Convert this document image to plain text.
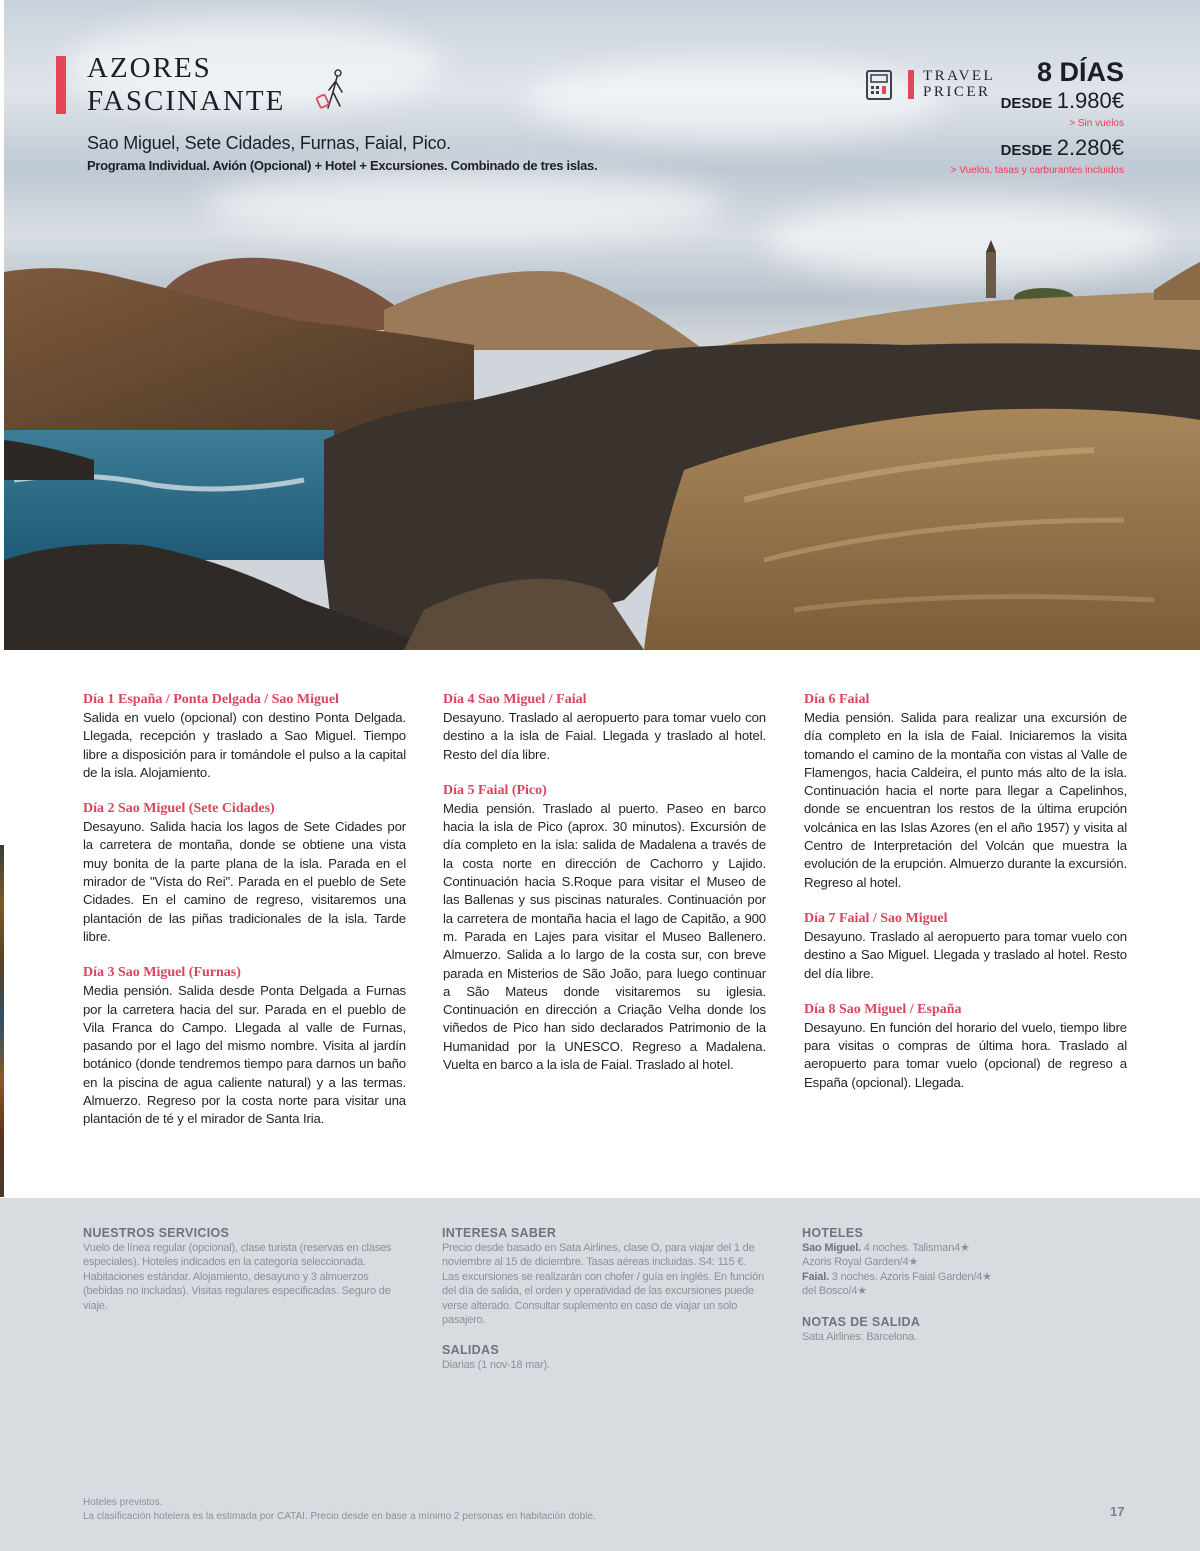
AZORES
FASCINANTE
Sao Miguel, Sete Cidades, Furnas, Faial, Pico.
Programa Individual. Avión (Opcional) + Hotel + Excursiones. Combinado de tres islas.
TRAVEL
PRICER
8 DÍAS
DESDE 1.980€
> Sin vuelos
DESDE 2.280€
> Vuelos, tasas y carburantes incluidos
Día 1 España / Ponta Delgada / Sao Miguel

Salida en vuelo (opcional) con destino Ponta Delgada. Llegada, recepción y traslado a Sao Miguel. Tiempo libre a disposición para ir tomándole el pulso a la capital de la isla. Alojamiento.

Día 2 Sao Miguel (Sete Cidades)

Desayuno. Salida hacia los lagos de Sete Cidades por la carretera de montaña, donde se obtiene una vista muy bonita de la parte plana de la isla. Parada en el mirador de "Vista do Rei". Parada en el pueblo de Sete Cidades. En el camino de regreso, visitaremos una plantación de las piñas tradicionales de la isla. Tarde libre.

Día 3 Sao Miguel (Furnas)

Media pensión. Salida desde Ponta Delgada a Furnas por la carretera hacia del sur. Parada en el pueblo de Vila Franca do Campo. Llegada al valle de Furnas, pasando por el lago del mismo nombre. Visita al jardín botánico (donde tendremos tiempo para darnos un baño en la piscina de agua caliente natural) y a las termas. Almuerzo. Regreso por la costa norte para visitar una plantación de té y el mirador de Santa Iria.

Día 4 Sao Miguel / Faial

Desayuno. Traslado al aeropuerto para tomar vuelo con destino a la isla de Faial. Llegada y traslado al hotel. Resto del día libre.

Día 5 Faial (Pico)

Media pensión. Traslado al puerto. Paseo en barco hacia la isla de Pico (aprox. 30 minutos). Excursión de día completo en la isla: salida de Madalena a través de la costa norte en dirección de Cachorro y Lajido. Continuación hacia S.Roque para visitar el Museo de las Ballenas y sus piscinas naturales. Continuación por la carretera de montaña hacia el lago de Capitão, a 900 m. Parada en Lajes para visitar el Museo Ballenero. Almuerzo. Salida a lo largo de la costa sur, con breve parada en Misterios de São João, para luego continuar a São Mateus donde visitaremos su iglesia. Continuación en dirección a Criação Velha donde los viñedos de Pico han sido declarados Patrimonio de la Humanidad por la UNESCO. Regreso a Madalena. Vuelta en barco a la isla de Faial. Traslado al hotel.

Día 6 Faial

Media pensión. Salida para realizar una excursión de día completo en la isla de Faial. Iniciaremos la visita tomando el camino de la montaña con vistas al Valle de Flamengos, hacia Caldeira, el punto más alto de la isla. Continuación hacia el norte para llegar a Capelinhos, donde se encuentran los restos de la última erupción volcánica en las Islas Azores (en el año 1957) y visita al Centro de Interpretación del Volcán que muestra la evolución de la erupción. Almuerzo durante la excursión. Regreso al hotel.

Día 7 Faial / Sao Miguel

Desayuno. Traslado al aeropuerto para tomar vuelo con destino a Sao Miguel. Llegada y traslado al hotel. Resto del día libre.

Día 8 Sao Miguel / España

Desayuno. En función del horario del vuelo, tiempo libre para visitas o compras de última hora. Traslado al aeropuerto para tomar vuelo (opcional) de regreso a España (opcional). Llegada.

NUESTROS SERVICIOS

Vuelo de línea regular (opcional), clase turista (reservas en clases especiales). Hoteles indicados en la categoría seleccionada. Habitaciones estándar. Alojamiento, desayuno y 3 almuerzos (bebidas no incluidas). Visitas regulares especificadas. Seguro de viaje.

INTERESA SABER

Precio desde basado en Sata Airlines, clase O, para viajar del 1 de noviembre al 15 de diciembre. Tasas aéreas incluidas. S4: 115 €.

Las excursiones se realizarán con chofer / guía en inglés. En función del día de salida, el orden y operatividad de las excursiones puede verse alterado. Consultar suplemento en caso de viajar un solo pasajero.

SALIDAS

Diarias (1 nov-18 mar).

HOTELES

Sao Miguel. 4 noches. Talisman4★

Azoris Royal Garden/4★

Faial. 3 noches. Azoris Faial Garden/4★

del Bosco/4★

NOTAS DE SALIDA

Sata Airlines: Barcelona.

Hoteles previstos.
La clasificación hotelera es la estimada por CATAI. Precio desde en base a mínimo 2 personas en habitación doble.	17
